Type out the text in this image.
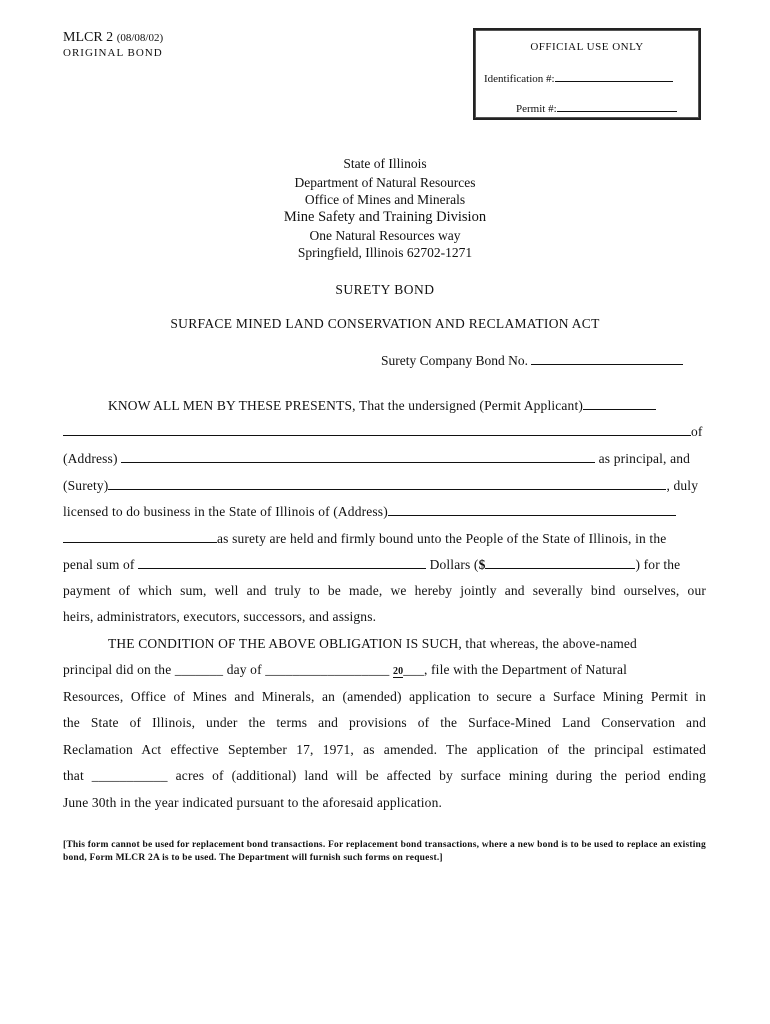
MLCR 2 (08/08/02)
ORIGINAL BOND	OFFICIAL USE ONLY
Identification #:
Permit #:
State of Illinois
Department of Natural Resources
Office of Mines and Minerals
Mine Safety and Training Division
One Natural Resources way
Springfield, Illinois 62702-1271
SURETY BOND
SURFACE MINED LAND CONSERVATION AND RECLAMATION ACT
Surety Company Bond No.
KNOW ALL MEN BY THESE PRESENTS, That the undersigned (Permit Applicant)
of
(Address)	as principal, and
(Surety)	, duly
licensed to do business in the State of Illinois of (Address)
as surety are held and firmly bound unto the People of the State of Illinois, in the
penal sum of	Dollars ($	) for the
payment of which sum, well and truly to be made, we hereby jointly and severally bind ourselves, our
heirs, administrators, executors, successors, and assigns.
THE CONDITION OF THE ABOVE OBLIGATION IS SUCH, that whereas, the above-named
principal did on the _______ day of __________________ 20___, file with the Department of Natural
Resources, Office of Mines and Minerals, an (amended) application to secure a Surface Mining Permit in
the State of Illinois, under the terms and provisions of the Surface-Mined Land Conservation and
Reclamation Act effective September 17, 1971, as amended. The application of the principal estimated
that ___________ acres of (additional) land will be affected by surface mining during the period ending
June 30th in the year indicated pursuant to the aforesaid application.
[This form cannot be used for replacement bond transactions. For replacement bond transactions, where a new bond is to be used to replace an existing bond, Form MLCR 2A is to be used. The Department will furnish such forms on request.]
